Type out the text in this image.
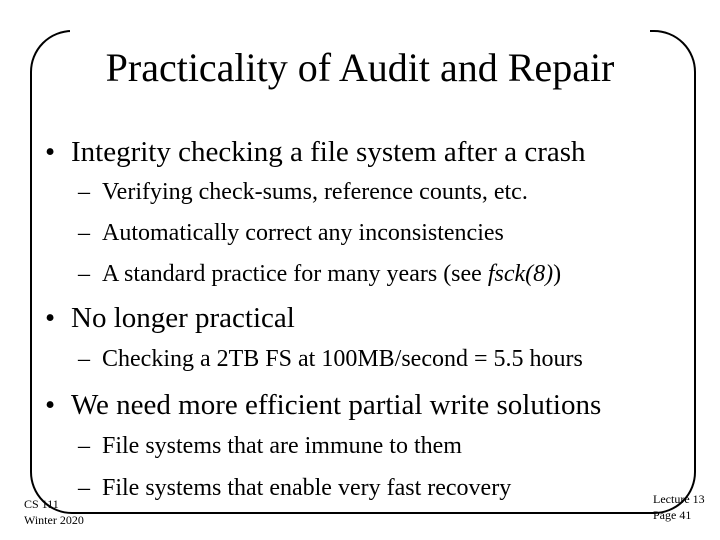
Practicality of Audit and Repair
• Integrity checking a file system after a crash
– Verifying check-sums, reference counts, etc.
– Automatically correct any inconsistencies
– A standard practice for many years (see fsck(8))
• No longer practical
– Checking a 2TB FS at 100MB/second = 5.5 hours
• We need more efficient partial write solutions
– File systems that are immune to them
– File systems that enable very fast recovery
CS 111
Winter 2020
Lecture 13
Page 41
